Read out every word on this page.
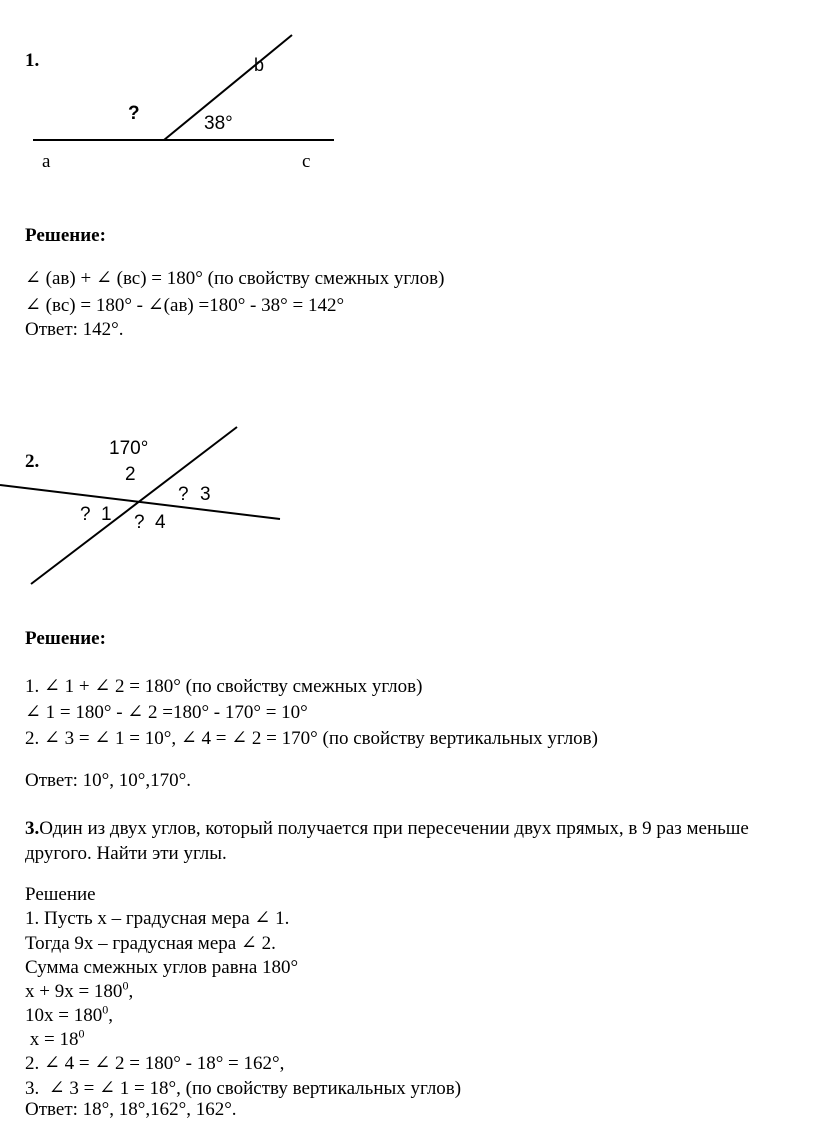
1.	b
?	38°
a	c
Решение:
∠ (ав) + ∠ (вс) = 180° (по свойству смежных углов)
∠ (вс) = 180° - ∠(ав) =180° - 38° = 142°
Ответ: 142°.
2.
170°
2
? 3
? 1 ? 4
Решение:
1. ∠ 1 + ∠ 2 = 180° (по свойству смежных углов)
∠ 1 = 180° - ∠ 2 =180° - 170° = 10°
2. ∠ 3 = ∠ 1 = 10°, ∠ 4 = ∠ 2 = 170° (по свойству вертикальных углов)
Ответ: 10°, 10°,170°.
3.Один из двух углов, который получается при пересечении двух прямых, в 9 раз меньше
другого. Найти эти углы.
Решение
1. Пусть х – градусная мера ∠ 1.
Тогда 9х – градусная мера ∠ 2.
Сумма смежных углов равна 180°
$х + 9х = 180^0$,
$10х = 180^0$,
$х = 18^0$
2. ∠ 4 = ∠ 2 = 180° - 18° = 162°,
3.  ∠ 3 = ∠ 1 = 18°, (по свойству вертикальных углов)
Ответ: 18°, 18°,162°, 162°.
